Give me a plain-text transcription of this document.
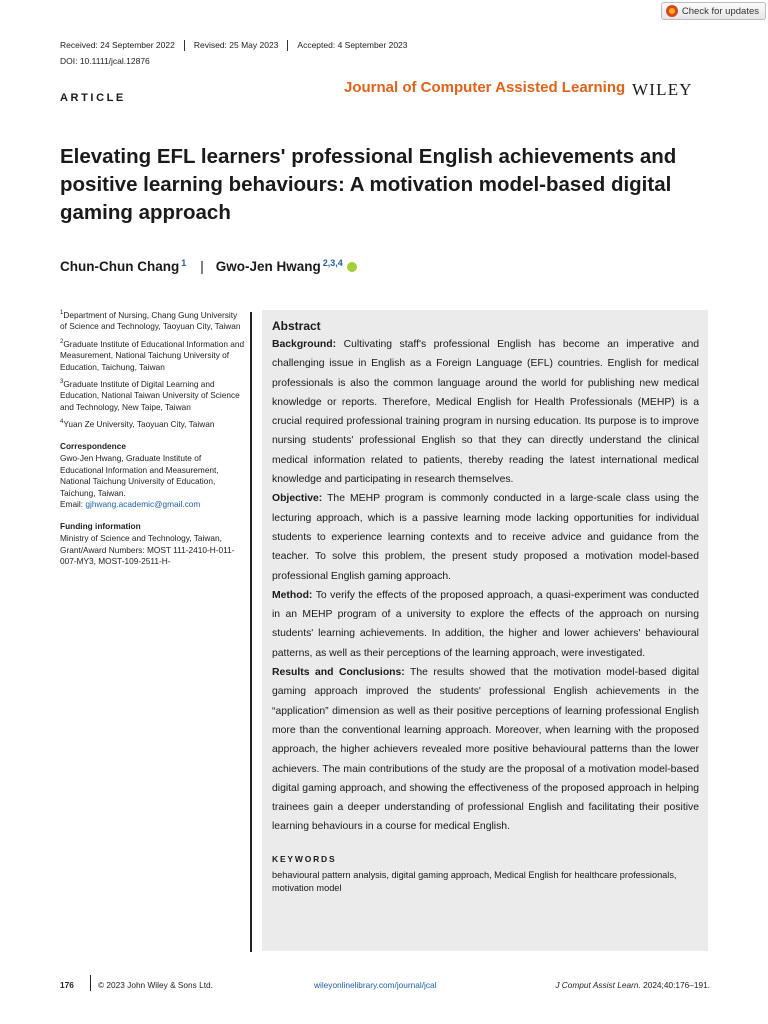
Check for updates
Received: 24 September 2022	Revised: 25 May 2023	Accepted: 4 September 2023
DOI: 10.1111/jcal.12876
ARTICLE
Journal of Computer Assisted Learning WILEY
Elevating EFL learners' professional English achievements and positive learning behaviours: A motivation model-based digital gaming approach
Chun-Chun Chang$^1$ | Gwo-Jen Hwang$^{2,3,4}$

$^1$Department of Nursing, Chang Gung University of Science and Technology, Taoyuan City, Taiwan

$^2$Graduate Institute of Educational Information and Measurement, National Taichung University of Education, Taichung, Taiwan

$^3$Graduate Institute of Digital Learning and Education, National Taiwan University of Science and Technology, New Taipe, Taiwan

$^4$Yuan Ze University, Taoyuan City, Taiwan

Correspondence

Gwo-Jen Hwang, Graduate Institute of Educational Information and Measurement, National Taichung University of Education, Taichung, Taiwan.
Email: gjhwang.academic@gmail.com

Funding information

Ministry of Science and Technology, Taiwan, Grant/Award Numbers: MOST 111-2410-H-011-007-MY3, MOST-109-2511-H-

Abstract

Background: Cultivating staff's professional English has become an imperative and challenging issue in English as a Foreign Language (EFL) countries. English for medical professionals is also the common language around the world for publishing new medical knowledge or reports. Therefore, Medical English for Health Professionals (MEHP) is a crucial required professional training program in nursing education. Its purpose is to improve nursing students' professional English so that they can directly understand the clinical medical information related to patients, thereby reading the latest international medical knowledge and participating in research themselves.

Objective: The MEHP program is commonly conducted in a large-scale class using the lecturing approach, which is a passive learning mode lacking opportunities for individual students to experience learning contexts and to receive advice and guidance from the teacher. To solve this problem, the present study proposed a motivation model-based professional English gaming approach.

Method: To verify the effects of the proposed approach, a quasi-experiment was conducted in an MEHP program of a university to explore the effects of the approach on nursing students' learning achievements. In addition, the higher and lower achievers' behavioural patterns, as well as their perceptions of the learning approach, were investigated.

Results and Conclusions: The results showed that the motivation model-based digital gaming approach improved the students' professional English achievements in the “application” dimension as well as their positive perceptions of learning professional English more than the conventional learning approach. Moreover, when learning with the proposed approach, the higher achievers revealed more positive behavioural patterns than the lower achievers. The main contributions of the study are the proposal of a motivation model-based digital gaming approach, and showing the effectiveness of the proposed approach in helping trainees gain a deeper understanding of professional English and facilitating their positive learning behaviours in a course for medical English.

KEYWORDS
behavioural pattern analysis, digital gaming approach, Medical English for healthcare professionals, motivation model
176	© 2023 John Wiley & Sons Ltd.	wileyonlinelibrary.com/journal/jcal	J Comput Assist Learn. 2024;40:176–191.
